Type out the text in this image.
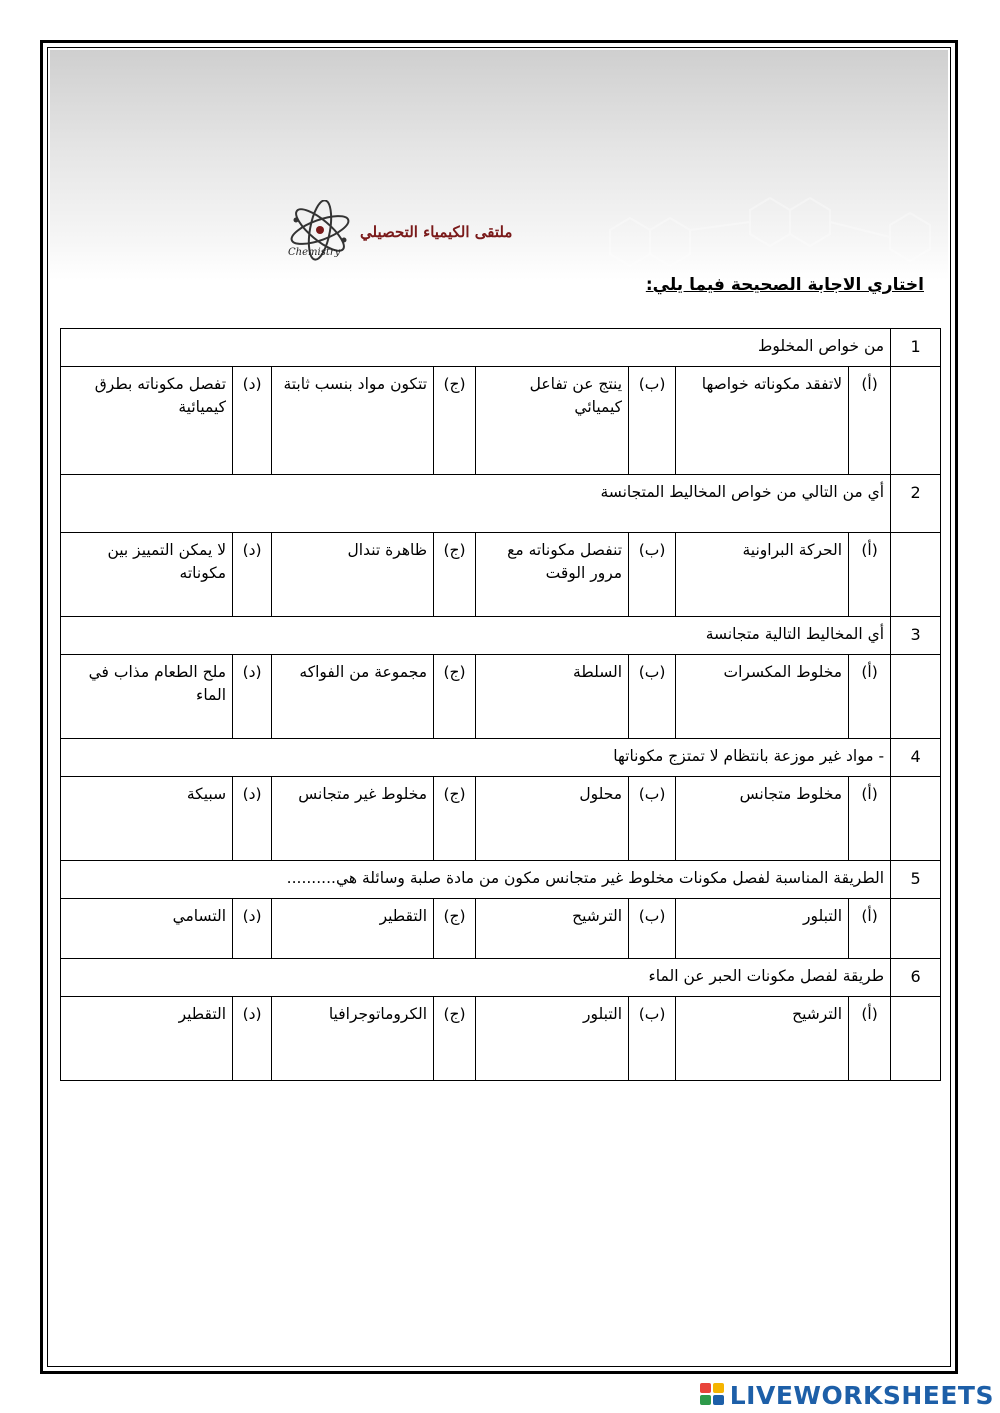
ملتقى الكيمياء التحصيلي
Chemistry
اختاري الاجابة الصحيحة فيما يلي:
1	من خواص المخلوط							
	(أ)	لاتفقد مكوناته خواصها	(ب)	ينتج عن تفاعل كيميائي	(ج)	تتكون مواد بنسب ثابتة	(د)	تفصل مكوناته بطرق كيميائية
2	أي من التالي من خواص المخاليط المتجانسة							
	(أ)	الحركة البراونية	(ب)	تنفصل مكوناته مع مرور الوقت	(ج)	ظاهرة تندال	(د)	لا يمكن التمييز بين مكوناته
3	أي المخاليط التالية متجانسة							
	(أ)	مخلوط المكسرات	(ب)	السلطة	(ج)	مجموعة من الفواكه	(د)	ملح الطعام مذاب في الماء
4	- مواد غير موزعة بانتظام لا تمتزج مكوناتها							
	(أ)	مخلوط متجانس	(ب)	محلول	(ج)	مخلوط غير متجانس	(د)	سبيكة
5	الطريقة المناسبة لفصل مكونات مخلوط غير متجانس مكون من مادة صلبة وسائلة هي..........							
	(أ)	التبلور	(ب)	الترشيح	(ج)	التقطير	(د)	التسامي
6	طريقة لفصل مكونات الحبر عن الماء							
	(أ)	الترشيح	(ب)	التبلور	(ج)	الكروماتوجرافيا	(د)	التقطير
LIVEWORKSHEETS
